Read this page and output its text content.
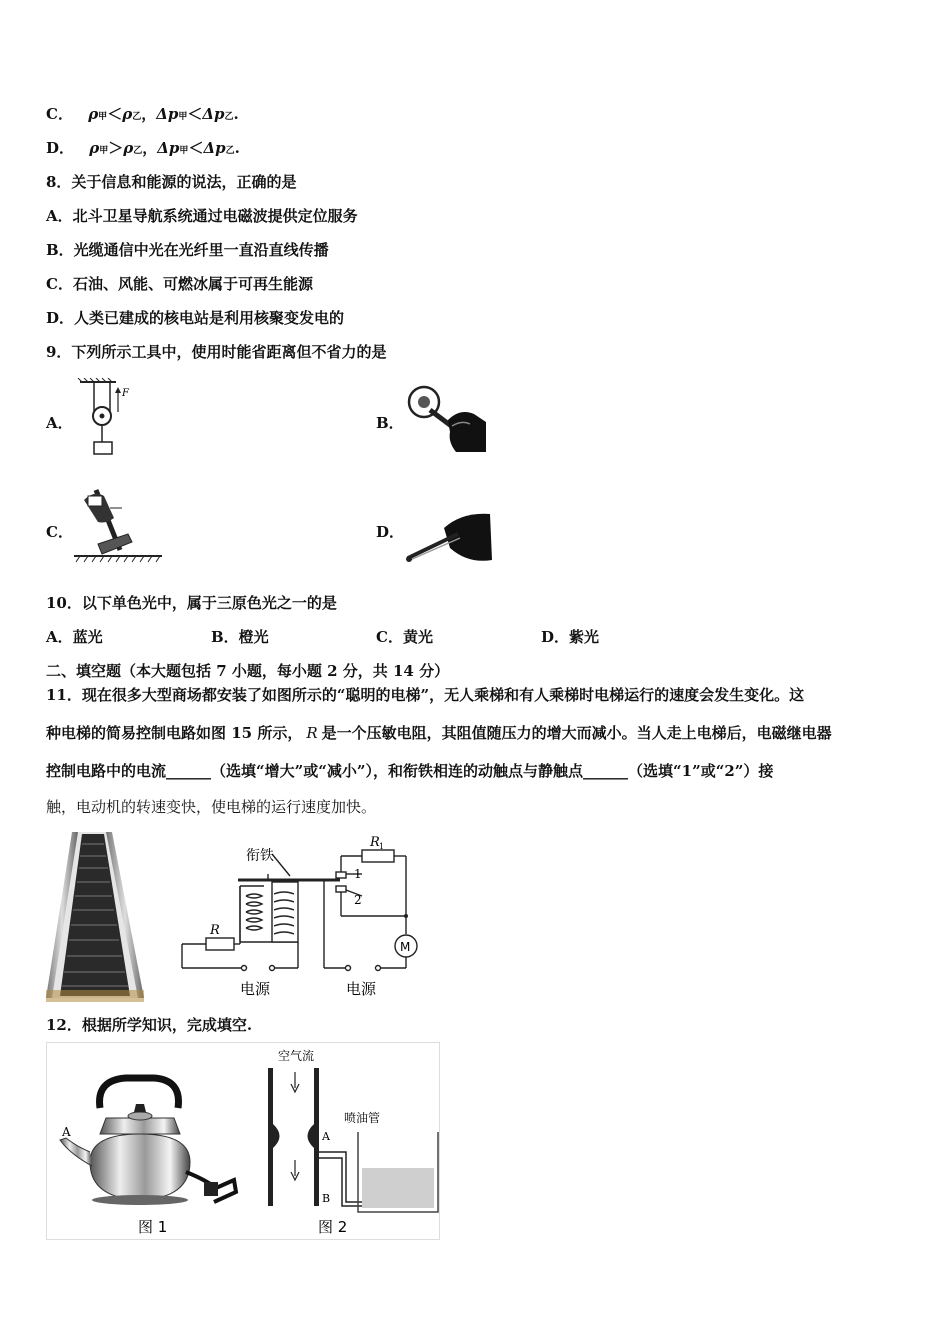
C． ρ甲＜ρ乙，Δp甲＜Δp乙.
D． ρ甲＞ρ乙，Δp甲＜Δp乙.
8．关于信息和能源的说法，正确的是
A．北斗卫星导航系统通过电磁波提供定位服务
B．光缆通信中光在光纤里一直沿直线传播
C．石油、风能、可燃冰属于可再生能源
D．人类已建成的核电站是利用核聚变发电的
9．下列所示工具中，使用时能省距离但不省力的是
A．
F
B．
C．	D．
10．以下单色光中，属于三原色光之一的是
A．蓝光	B．橙光	C．黄光	D．紫光
二、填空题（本大题包括 7 小题，每小题 2 分，共 14 分）
11．现在很多大型商场都安装了如图所示的“聪明的电梯”，无人乘梯和有人乘梯时电梯运行的速度会发生变化。这
种电梯的简易控制电路如图 15 所示， R 是一个压敏电阻，其阻值随压力的增大而减小。当人走上电梯后，电磁继电器
控制电路中的电流______（选填“增大”或“减小”），和衔铁相连的动触点与静触点______（选填“1”或“2”）接
触，电动机的转速变快，使电梯的运行速度加快。
衔铁
R 1
R
1
2
M
电源	电源
12．根据所学知识，完成填空.
A
图 1
空气流
喷油管
A
B
图 2
